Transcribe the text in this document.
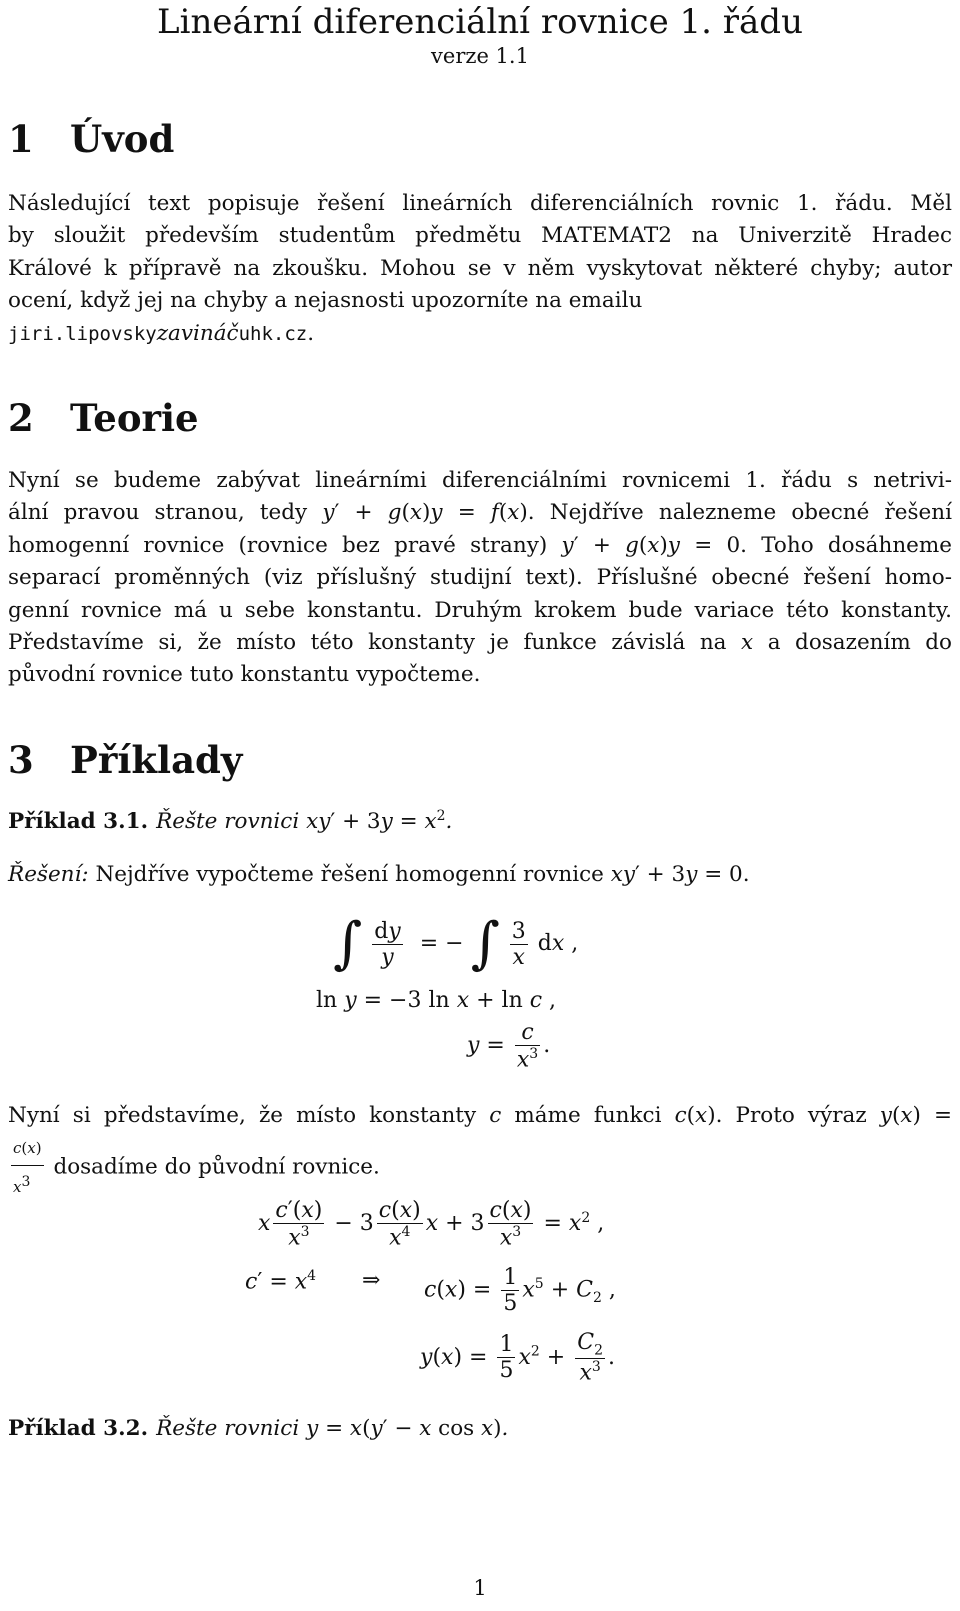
Lineární diferenciální rovnice 1. řádu
verze 1.1
1 Úvod
Následující text popisuje řešení lineárních diferenciálních rovnic 1. řádu. Měl
by sloužit především studentům předmětu MATEMAT2 na Univerzitě Hradec
Králové k přípravě na zkoušku. Mohou se v něm vyskytovat některé chyby; autor
ocení, když jej na chyby a nejasnosti upozorníte na emailu
jiri.lipovskyzavináčuhk.cz.
2 Teorie
Nyní se budeme zabývat lineárními diferenciálními rovnicemi 1. řádu s netrivi-
ální pravou stranou, tedy y′ + g(x)y = f(x). Nejdříve nalezneme obecné řešení
homogenní rovnice (rovnice bez pravé strany) y′ + g(x)y = 0. Toho dosáhneme
separací proměnných (viz příslušný studijní text). Příslušné obecné řešení homo-
genní rovnice má u sebe konstantu. Druhým krokem bude variace této konstanty.
Představíme si, že místo této konstanty je funkce závislá na x a dosazením do
původní rovnice tuto konstantu vypočteme.
3 Příklady
Příklad 3.1. Řešte rovnici $xy' + 3y = x^2$.
Řešení: Nejdříve vypočteme řešení homogenní rovnice xy′ + 3y = 0.
∫ $\frac{dy}{y}$ = − ∫ $\frac{3}{x}$ dx ,
ln y = −3 ln x + ln c ,
$y = \frac{c}{x^3}$ .
Nyní si představíme, že místo konstanty c máme funkci c(x). Proto výraz y(x) =
$\frac{c(x)}{x^3}$ dosadíme do původní rovnice.
x $\frac{c'(x)}{x^3} - 3 \frac{c(x)}{x^4}$ $x + 3 \frac{c(x)}{x^3} = x^2$ ,
$c' = x^4$ ⇒ $c(x) = \frac{1}{5} x^5 + C_2$ ,
$y(x) = \frac{1}{5} x^2 + \frac{C_2}{x^3}$ .
Příklad 3.2. Řešte rovnici y = x(y′ − x cos x).
1
